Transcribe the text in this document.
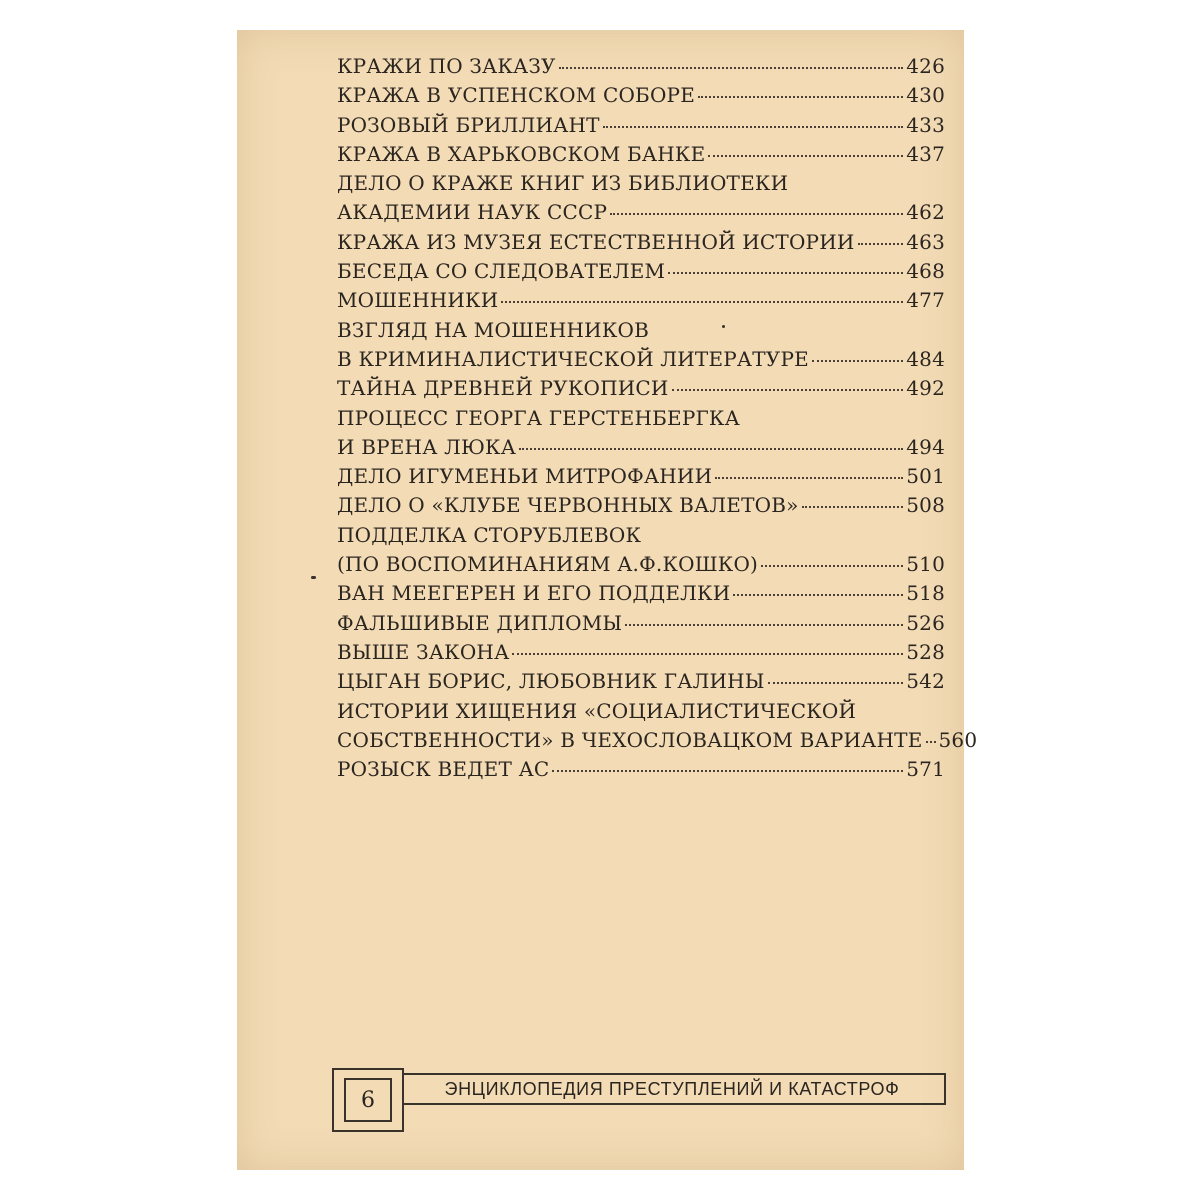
КРАЖИ ПО ЗАКАЗУ	426
КРАЖА В УСПЕНСКОМ СОБОРЕ	430
РОЗОВЫЙ БРИЛЛИАНТ	433
КРАЖА В ХАРЬКОВСКОМ БАНКЕ	437
ДЕЛО О КРАЖЕ КНИГ ИЗ БИБЛИОТЕКИ
АКАДЕМИИ НАУК СССР	462
КРАЖА ИЗ МУЗЕЯ ЕСТЕСТВЕННОЙ ИСТОРИИ	463
БЕСЕДА СО СЛЕДОВАТЕЛЕМ	468
МОШЕННИКИ	477
ВЗГЛЯД НА МОШЕННИКОВ
В КРИМИНАЛИСТИЧЕСКОЙ ЛИТЕРАТУРЕ	484
ТАЙНА ДРЕВНЕЙ РУКОПИСИ	492
ПРОЦЕСС ГЕОРГА ГЕРСТЕНБЕРГКА
И ВРЕНА ЛЮКА	494
ДЕЛО ИГУМЕНЬИ МИТРОФАНИИ	501
ДЕЛО О «КЛУБЕ ЧЕРВОННЫХ ВАЛЕТОВ»	508
ПОДДЕЛКА СТОРУБЛЕВОК
(ПО ВОСПОМИНАНИЯМ А.Ф.КОШКО)	510
ВАН МЕЕГЕРЕН И ЕГО ПОДДЕЛКИ	518
ФАЛЬШИВЫЕ ДИПЛОМЫ	526
ВЫШЕ ЗАКОНА	528
ЦЫГАН БОРИС, ЛЮБОВНИК ГАЛИНЫ	542
ИСТОРИИ ХИЩЕНИЯ «СОЦИАЛИСТИЧЕСКОЙ
СОБСТВЕННОСТИ» В ЧЕХОСЛОВАЦКОМ ВАРИАНТЕ 560
РОЗЫСК ВЕДЕТ АС	571
6	ЭНЦИКЛОПЕДИЯ ПРЕСТУПЛЕНИЙ И КАТАСТРОФ
